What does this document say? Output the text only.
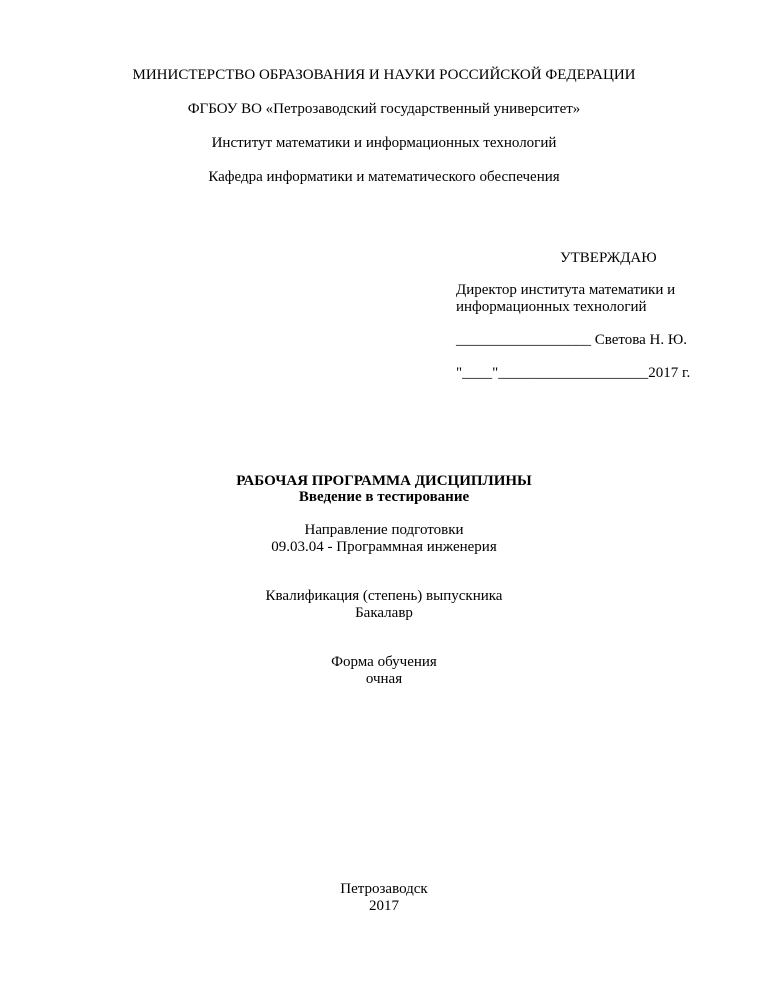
МИНИСТЕРСТВО ОБРАЗОВАНИЯ И НАУКИ РОССИЙСКОЙ ФЕДЕРАЦИИ
ФГБОУ ВО «Петрозаводский государственный университет»
Институт математики и информационных технологий
Кафедра информатики и математического обеспечения
УТВЕРЖДАЮ
Директор института математики и
информационных технологий
__________________ Светова Н. Ю.
"____"____________________2017 г.
РАБОЧАЯ ПРОГРАММА ДИСЦИПЛИНЫ
Введение в тестирование
Направление подготовки
09.03.04 - Программная инженерия
Квалификация (степень) выпускника
Бакалавр
Форма обучения
очная
Петрозаводск
2017
